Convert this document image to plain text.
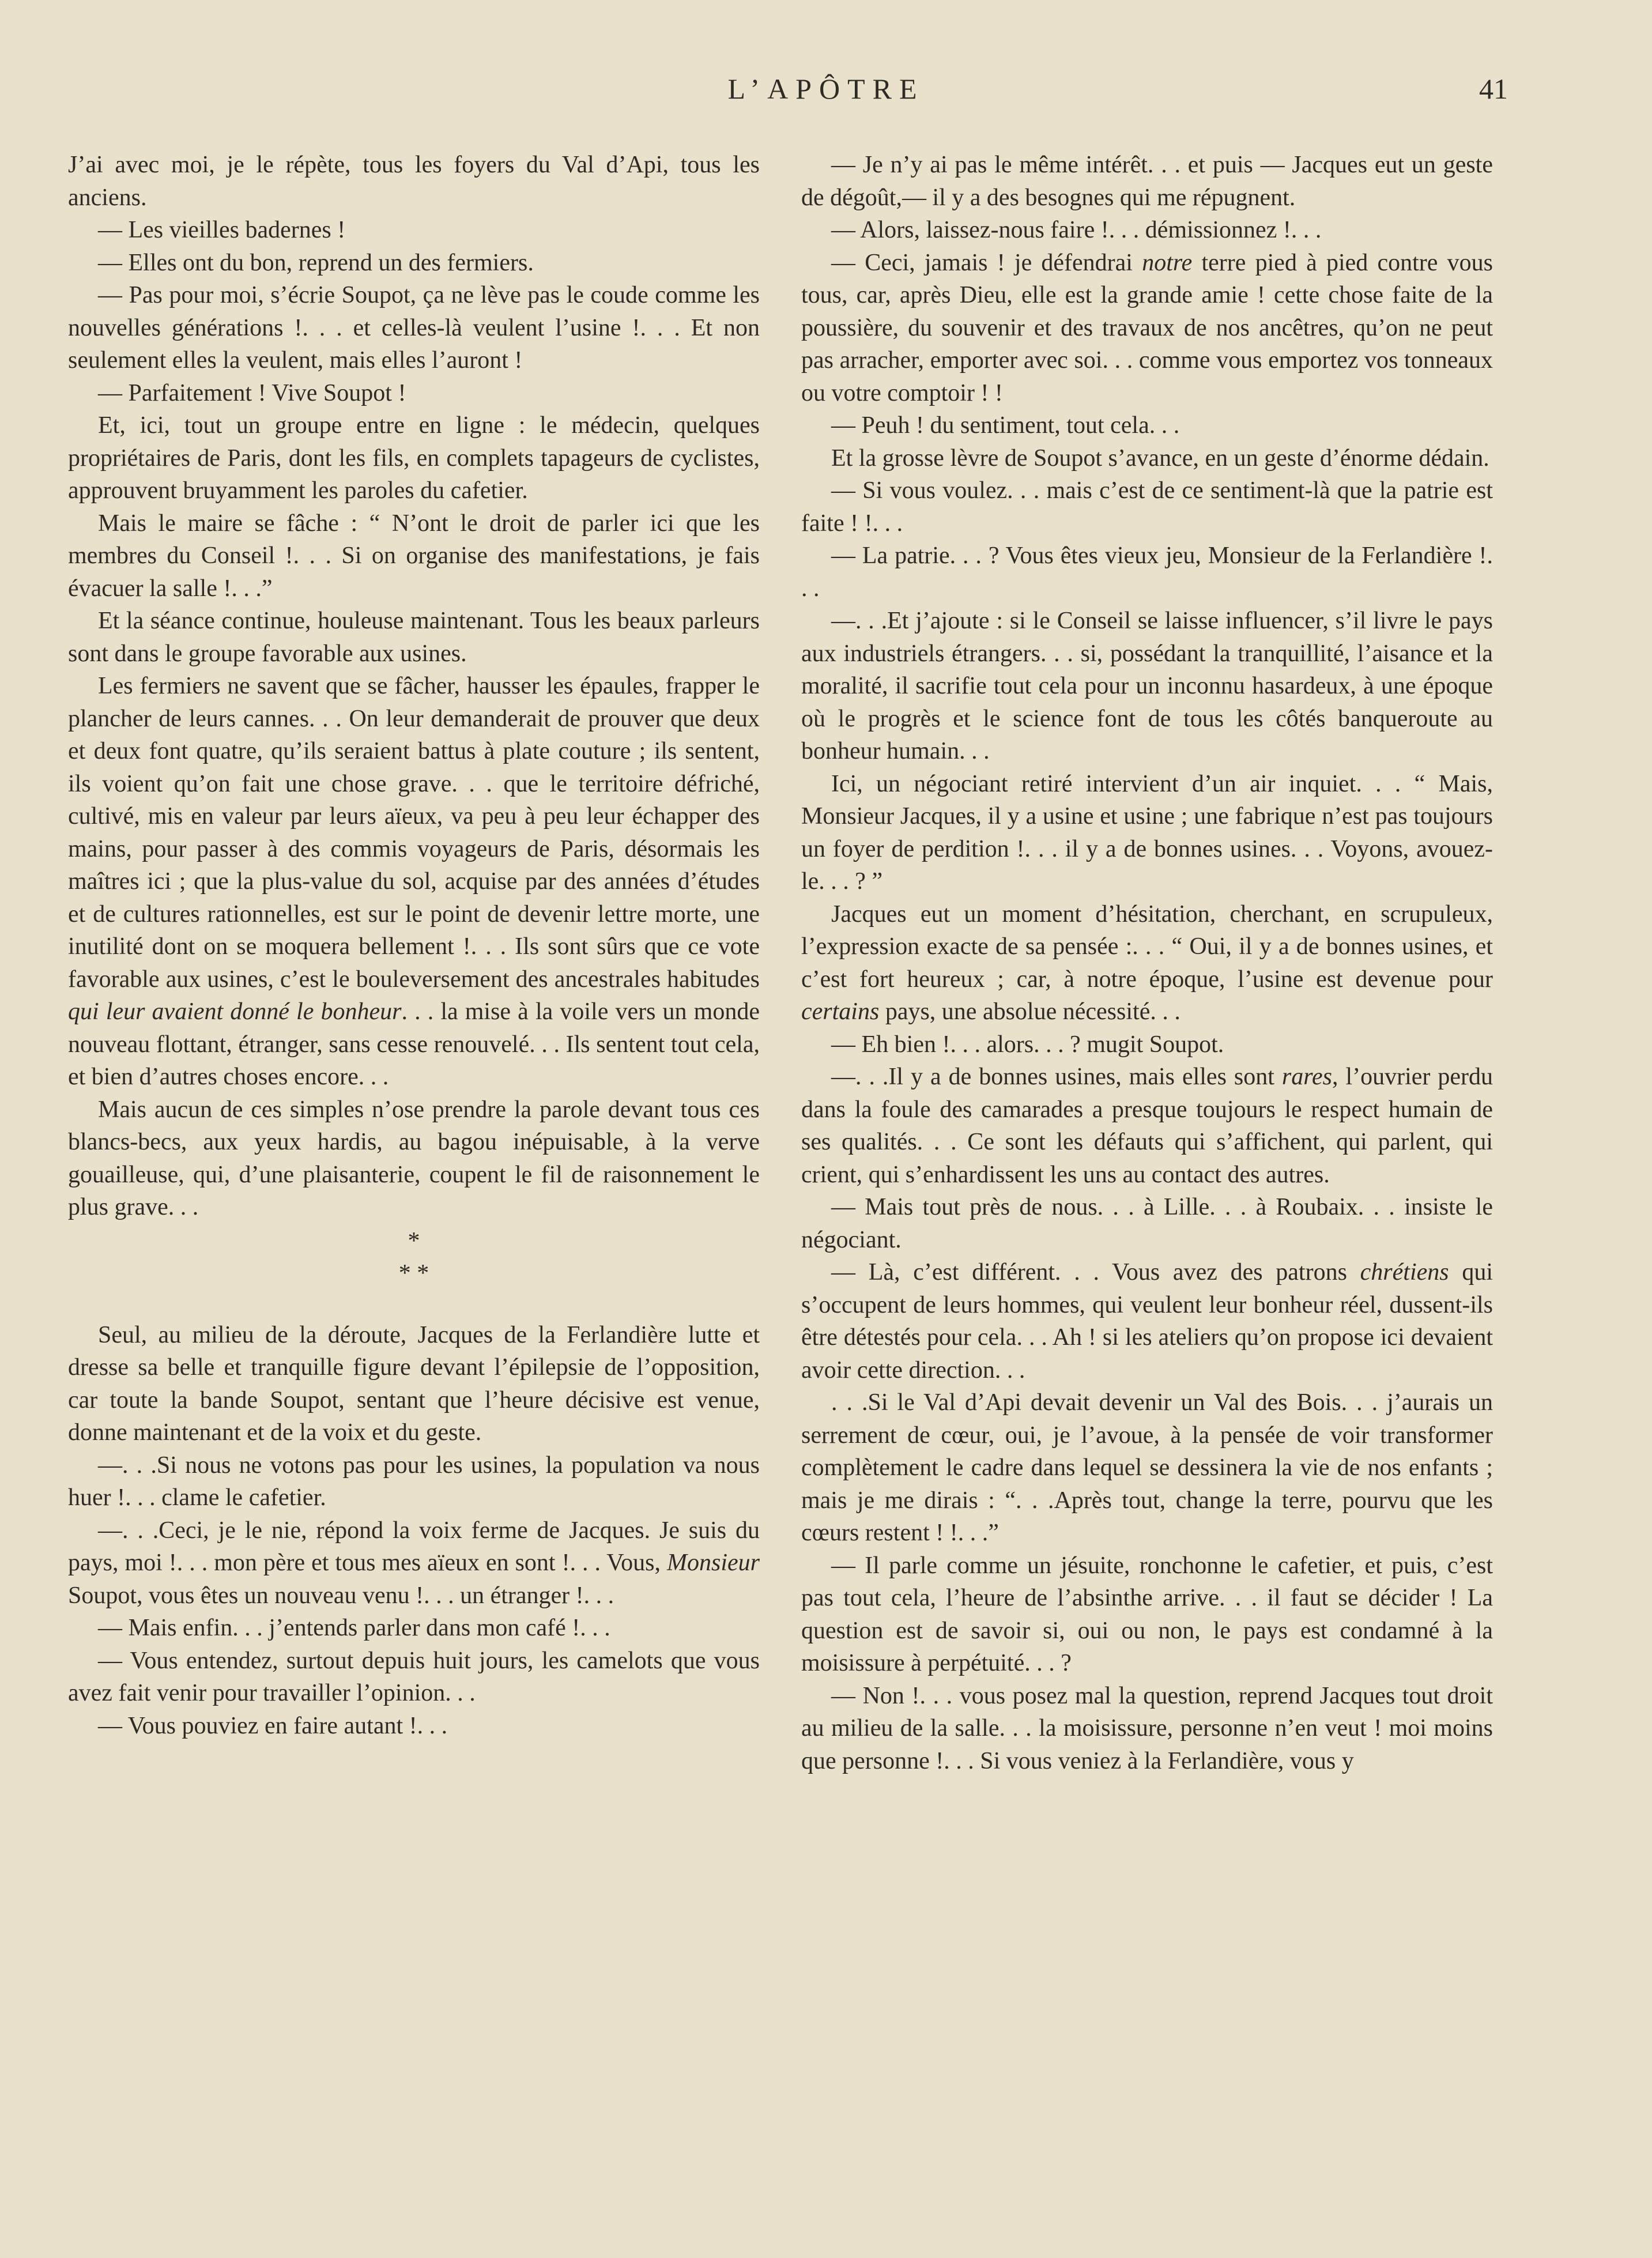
L’APÔTRE	41

J’ai avec moi, je le répète, tous les foyers du Val d’Api, tous les anciens.

— Les vieilles badernes !

— Elles ont du bon, reprend un des fermiers.

— Pas pour moi, s’écrie Soupot, ça ne lève pas le coude comme les nouvelles générations !. . . et celles-là veulent l’usine !. . . Et non seulement elles la veulent, mais elles l’auront !

— Parfaitement ! Vive Soupot !

Et, ici, tout un groupe entre en ligne : le médecin, quelques propriétaires de Paris, dont les fils, en complets tapageurs de cyclistes, approuvent bruyamment les paroles du cafetier.

Mais le maire se fâche : “ N’ont le droit de parler ici que les membres du Conseil !. . . Si on organise des manifestations, je fais évacuer la salle !. . .”

Et la séance continue, houleuse maintenant. Tous les beaux parleurs sont dans le groupe favorable aux usines.

Les fermiers ne savent que se fâcher, hausser les épaules, frapper le plancher de leurs cannes. . . On leur demanderait de prouver que deux et deux font quatre, qu’ils seraient battus à plate couture ; ils sentent, ils voient qu’on fait une chose grave. . . que le territoire défriché, cultivé, mis en valeur par leurs aïeux, va peu à peu leur échapper des mains, pour passer à des commis voyageurs de Paris, désormais les maîtres ici ; que la plus-value du sol, acquise par des années d’études et de cultures rationnelles, est sur le point de devenir lettre morte, une inutilité dont on se moquera bellement !. . . Ils sont sûrs que ce vote favorable aux usines, c’est le bouleversement des ancestrales habitudes qui leur avaient donné le bonheur. . . la mise à la voile vers un monde nouveau flottant, étranger, sans cesse renouvelé. . . Ils sentent tout cela, et bien d’autres choses encore. . .

Mais aucun de ces simples n’ose prendre la parole devant tous ces blancs-becs, aux yeux hardis, au bagou inépuisable, à la verve gouailleuse, qui, d’une plaisanterie, coupent le fil de raisonnement le plus grave. . .

*

* *

Seul, au milieu de la déroute, Jacques de la Ferlandière lutte et dresse sa belle et tranquille figure devant l’épilepsie de l’opposition, car toute la bande Soupot, sentant que l’heure décisive est venue, donne maintenant et de la voix et du geste.

—. . .Si nous ne votons pas pour les usines, la population va nous huer !. . . clame le cafetier.

—. . .Ceci, je le nie, répond la voix ferme de Jacques. Je suis du pays, moi !. . . mon père et tous mes aïeux en sont !. . . Vous, Monsieur Soupot, vous êtes un nouveau venu !. . . un étranger !. . .

— Mais enfin. . . j’entends parler dans mon café !. . .

— Vous entendez, surtout depuis huit jours, les camelots que vous avez fait venir pour travailler l’opinion. . .

— Vous pouviez en faire autant !. . .

— Je n’y ai pas le même intérêt. . . et puis — Jacques eut un geste de dégoût,— il y a des besognes qui me répugnent.

— Alors, laissez-nous faire !. . . démissionnez !. . .

— Ceci, jamais ! je défendrai notre terre pied à pied contre vous tous, car, après Dieu, elle est la grande amie ! cette chose faite de la poussière, du souvenir et des travaux de nos ancêtres, qu’on ne peut pas arracher, emporter avec soi. . . comme vous emportez vos tonneaux ou votre comptoir ! !

— Peuh ! du sentiment, tout cela. . .

Et la grosse lèvre de Soupot s’avance, en un geste d’énorme dédain.

— Si vous voulez. . . mais c’est de ce sentiment-là que la patrie est faite ! !. . .

— La patrie. . . ? Vous êtes vieux jeu, Monsieur de la Ferlandière !. . .

—. . .Et j’ajoute : si le Conseil se laisse influencer, s’il livre le pays aux industriels étrangers. . . si, possédant la tranquillité, l’aisance et la moralité, il sacrifie tout cela pour un inconnu hasardeux, à une époque où le progrès et le science font de tous les côtés banqueroute au bonheur humain. . .

Ici, un négociant retiré intervient d’un air inquiet. . . “ Mais, Monsieur Jacques, il y a usine et usine ; une fabrique n’est pas toujours un foyer de perdition !. . . il y a de bonnes usines. . . Voyons, avouez-le. . . ? ”

Jacques eut un moment d’hésitation, cherchant, en scrupuleux, l’expression exacte de sa pensée :. . . “ Oui, il y a de bonnes usines, et c’est fort heureux ; car, à notre époque, l’usine est devenue pour certains pays, une absolue nécessité. . .

— Eh bien !. . . alors. . . ? mugit Soupot.

—. . .Il y a de bonnes usines, mais elles sont rares, l’ouvrier perdu dans la foule des camarades a presque toujours le respect humain de ses qualités. . . Ce sont les défauts qui s’affichent, qui parlent, qui crient, qui s’enhardissent les uns au contact des autres.

— Mais tout près de nous. . . à Lille. . . à Roubaix. . . insiste le négociant.

— Là, c’est différent. . . Vous avez des patrons chrétiens qui s’occupent de leurs hommes, qui veulent leur bonheur réel, dussent-ils être détestés pour cela. . . Ah ! si les ateliers qu’on propose ici devaient avoir cette direction. . .

. . .Si le Val d’Api devait devenir un Val des Bois. . . j’aurais un serrement de cœur, oui, je l’avoue, à la pensée de voir transformer complètement le cadre dans lequel se dessinera la vie de nos enfants ; mais je me dirais : “. . .Après tout, change la terre, pourvu que les cœurs restent ! !. . .”

— Il parle comme un jésuite, ronchonne le cafetier, et puis, c’est pas tout cela, l’heure de l’absinthe arrive. . . il faut se décider ! La question est de savoir si, oui ou non, le pays est condamné à la moisissure à perpétuité. . . ?

— Non !. . . vous posez mal la question, reprend Jacques tout droit au milieu de la salle. . . la moisissure, personne n’en veut ! moi moins que personne !. . . Si vous veniez à la Ferlandière, vous y
